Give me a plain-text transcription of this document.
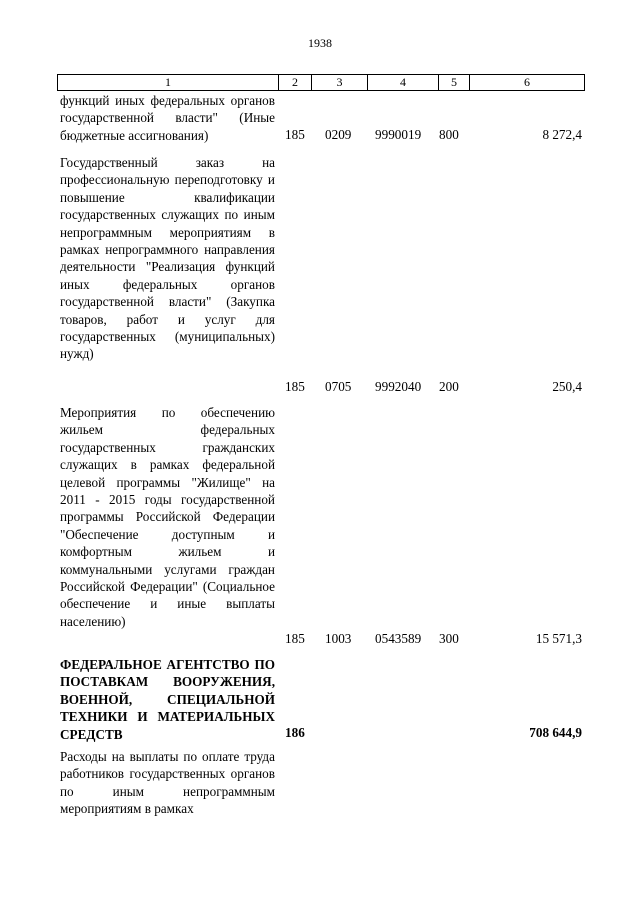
1938
1	2	3	4	5	6
функций иных федеральных органов государственной власти" (Иные бюджетные ассигнования)	185 0209 9990019 800	8 272,4
Государственный заказ на профессиональную переподготовку и повышение квалификации государственных служащих по иным непрограммным мероприятиям в рамках непрограммного направления деятельности "Реализация функций иных федеральных органов государственной власти" (Закупка товаров, работ и услуг для государственных (муниципальных) нужд)
185 0705 9992040 200	250,4
Мероприятия по обеспечению жильем федеральных государственных гражданских служащих в рамках федеральной целевой программы "Жилище" на 2011 - 2015 годы государственной программы Российской Федерации "Обеспечение доступным и комфортным жильем и коммунальными услугами граждан Российской Федерации" (Социальное обеспечение и иные выплаты населению)
185 1003 0543589 300	15 571,3
ФЕДЕРАЛЬНОЕ АГЕНТСТВО ПО ПОСТАВКАМ ВООРУЖЕНИЯ, ВОЕННОЙ, СПЕЦИАЛЬНОЙ ТЕХНИКИ И МАТЕРИАЛЬНЫХ СРЕДСТВ	186	708 644,9
Расходы на выплаты по оплате труда работников государственных органов по иным непрограммным мероприятиям в рамках
